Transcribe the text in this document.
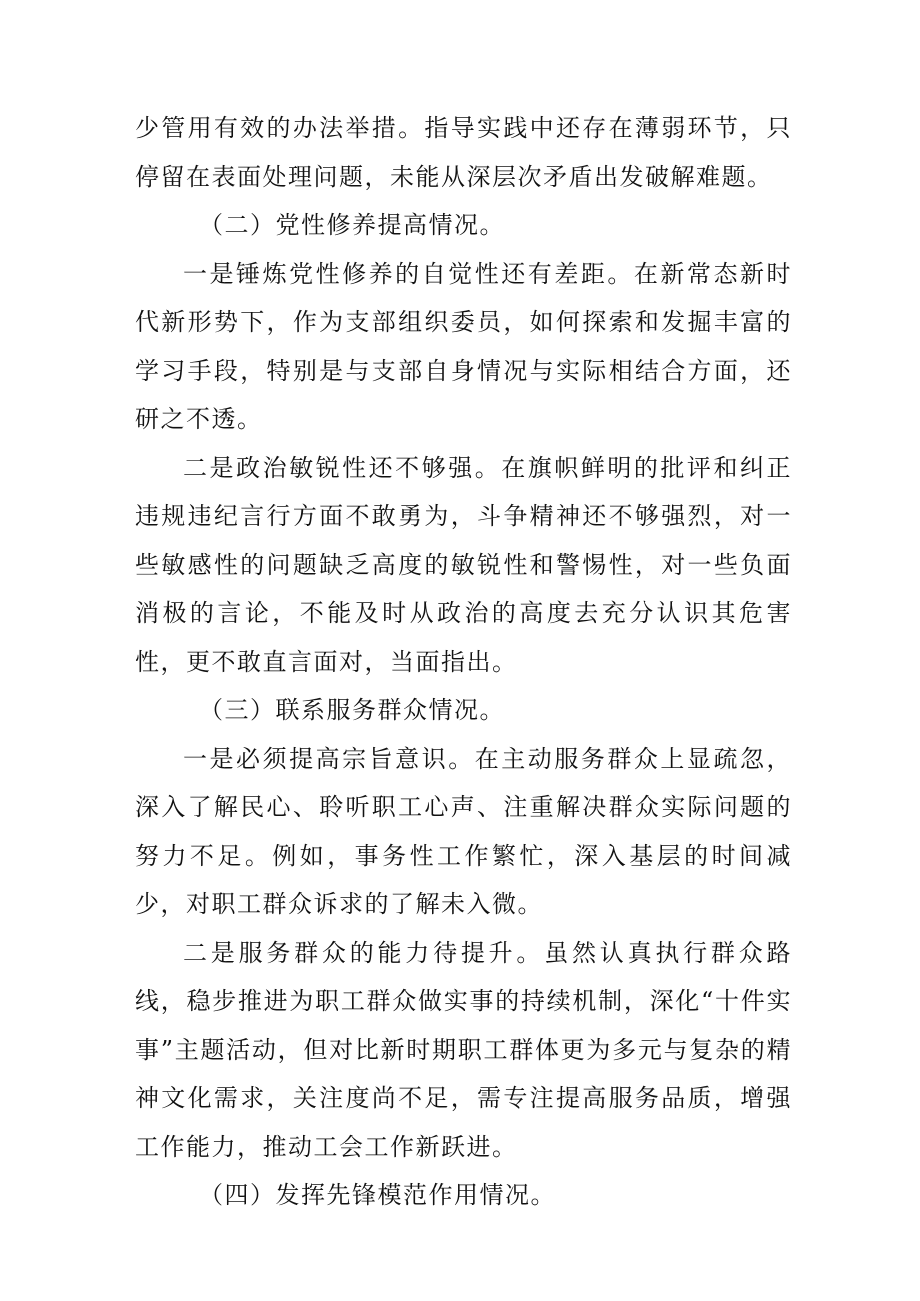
少管用有效的办法举措。指导实践中还存在薄弱环节，只停留在表面处理问题，未能从深层次矛盾出发破解难题。

（二）党性修养提高情况。

一是锤炼党性修养的自觉性还有差距。在新常态新时代新形势下，作为支部组织委员，如何探索和发掘丰富的学习手段，特别是与支部自身情况与实际相结合方面，还研之不透。

二是政治敏锐性还不够强。在旗帜鲜明的批评和纠正违规违纪言行方面不敢勇为，斗争精神还不够强烈，对一些敏感性的问题缺乏高度的敏锐性和警惕性，对一些负面消极的言论，不能及时从政治的高度去充分认识其危害性，更不敢直言面对，当面指出。

（三）联系服务群众情况。

一是必须提高宗旨意识。在主动服务群众上显疏忽，深入了解民心、聆听职工心声、注重解决群众实际问题的努力不足。例如，事务性工作繁忙，深入基层的时间减少，对职工群众诉求的了解未入微。

二是服务群众的能力待提升。虽然认真执行群众路线，稳步推进为职工群众做实事的持续机制，深化“十件实事”主题活动，但对比新时期职工群体更为多元与复杂的精神文化需求，关注度尚不足，需专注提高服务品质，增强工作能力，推动工会工作新跃进。

（四）发挥先锋模范作用情况。
